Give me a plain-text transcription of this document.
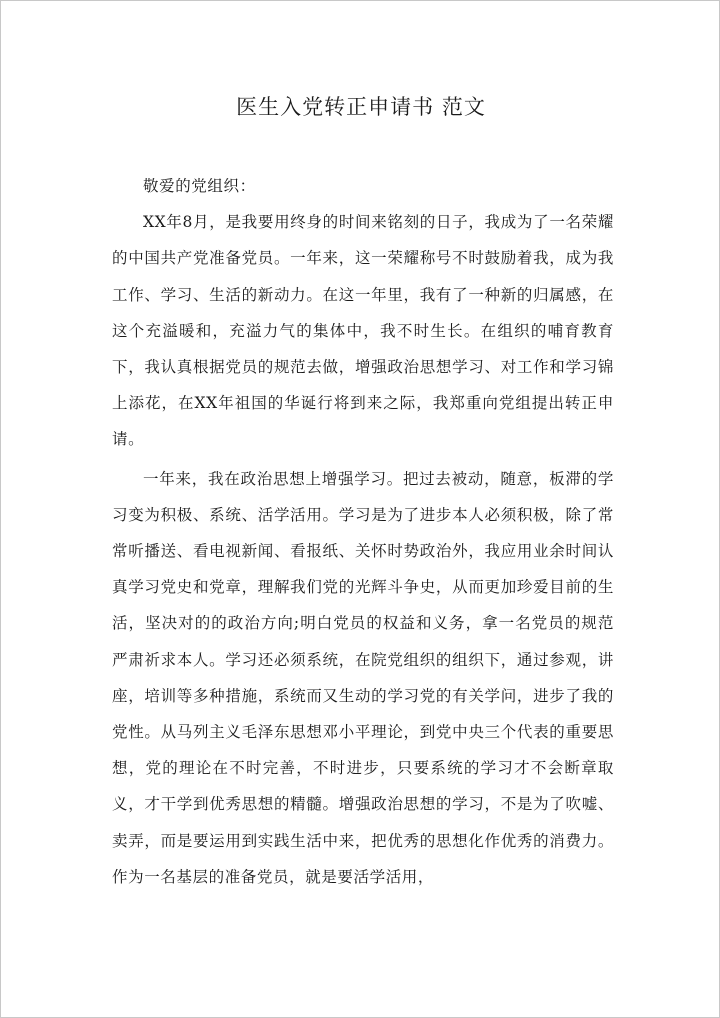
医生入党转正申请书 范文

敬爱的党组织：

XX年8月，是我要用终身的时间来铭刻的日子，我成为了一名荣耀的中国共产党准备党员。一年来，这一荣耀称号不时鼓励着我，成为我工作、学习、生活的新动力。在这一年里，我有了一种新的归属感，在这个充溢暖和，充溢力气的集体中，我不时生长。在组织的哺育教育下，我认真根据党员的规范去做，增强政治思想学习、对工作和学习锦上添花，在XX年祖国的华诞行将到来之际，我郑重向党组提出转正申请。

一年来，我在政治思想上增强学习。把过去被动，随意，板滞的学习变为积极、系统、活学活用。学习是为了进步本人必须积极，除了常常听播送、看电视新闻、看报纸、关怀时势政治外，我应用业余时间认真学习党史和党章，理解我们党的光辉斗争史，从而更加珍爱目前的生活，坚决对的的政治方向;明白党员的权益和义务，拿一名党员的规范严肃祈求本人。学习还必须系统，在院党组织的组织下，通过参观，讲座，培训等多种措施，系统而又生动的学习党的有关学问，进步了我的党性。从马列主义毛泽东思想邓小平理论，到党中央三个代表的重要思想，党的理论在不时完善，不时进步，只要系统的学习才不会断章取义，才干学到优秀思想的精髓。增强政治思想的学习，不是为了吹嘘、卖弄，而是要运用到实践生活中来，把优秀的思想化作优秀的消费力。作为一名基层的准备党员，就是要活学活用，
